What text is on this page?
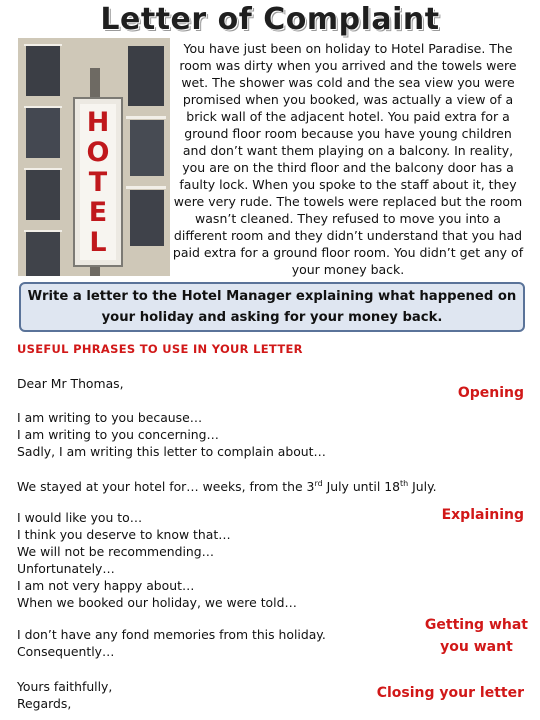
Letter of Complaint
H
O
T
E
L
You have just been on holiday to Hotel Paradise. The room was dirty when you arrived and the towels were wet. The shower was cold and the sea view you were promised when you booked, was actually a view of a brick wall of the adjacent hotel. You paid extra for a ground floor room because you have young children and don’t want them playing on a balcony. In reality, you are on the third floor and the balcony door has a faulty lock. When you spoke to the staff about it, they were very rude. The towels were replaced but the room wasn’t cleaned. They refused to move you into a different room and they didn’t understand that you had paid extra for a ground floor room. You didn’t get any of your money back.
Write a letter to the Hotel Manager explaining what happened on your holiday and asking for your money back.
USEFUL PHRASES TO USE IN YOUR LETTER
Dear Mr Thomas,
I am writing to you because…
I am writing to you concerning…
Sadly, I am writing this letter to complain about…
Opening
We stayed at your hotel for… weeks, from the 3rd July until 18th July.
I would like you to…
I think you deserve to know that…
We will not be recommending…
Unfortunately…
I am not very happy about…
When we booked our holiday, we were told…
Explaining
I don’t have any fond memories from this holiday.
Consequently…
Getting what
you want
Yours faithfully,
Regards,
Closing your letter
